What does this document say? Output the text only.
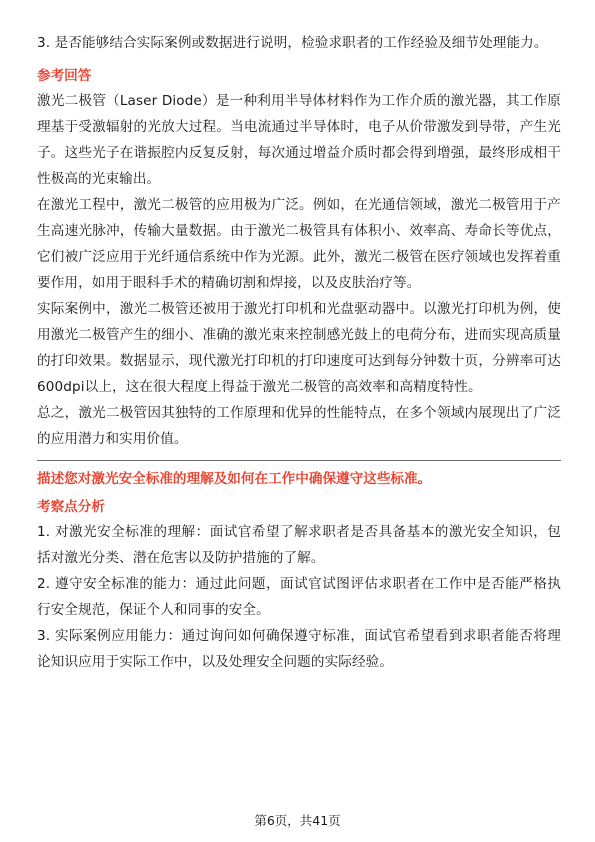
3. 是否能够结合实际案例或数据进行说明，检验求职者的工作经验及细节处理能力。

参考回答

激光二极管（Laser Diode）是一种利用半导体材料作为工作介质的激光器，其工作原理基于受激辐射的光放大过程。当电流通过半导体时，电子从价带激发到导带，产生光子。这些光子在谐振腔内反复反射，每次通过增益介质时都会得到增强，最终形成相干性极高的光束输出。

在激光工程中，激光二极管的应用极为广泛。例如，在光通信领域，激光二极管用于产生高速光脉冲，传输大量数据。由于激光二极管具有体积小、效率高、寿命长等优点，它们被广泛应用于光纤通信系统中作为光源。此外，激光二极管在医疗领域也发挥着重要作用，如用于眼科手术的精确切割和焊接，以及皮肤治疗等。

实际案例中，激光二极管还被用于激光打印机和光盘驱动器中。以激光打印机为例，使用激光二极管产生的细小、准确的激光束来控制感光鼓上的电荷分布，进而实现高质量的打印效果。数据显示，现代激光打印机的打印速度可达到每分钟数十页，分辨率可达600dpi以上，这在很大程度上得益于激光二极管的高效率和高精度特性。

总之，激光二极管因其独特的工作原理和优异的性能特点，在多个领域内展现出了广泛的应用潜力和实用价值。

描述您对激光安全标准的理解及如何在工作中确保遵守这些标准。

考察点分析

1. 对激光安全标准的理解：面试官希望了解求职者是否具备基本的激光安全知识，包括对激光分类、潜在危害以及防护措施的了解。

2. 遵守安全标准的能力：通过此问题，面试官试图评估求职者在工作中是否能严格执行安全规范，保证个人和同事的安全。

3. 实际案例应用能力：通过询问如何确保遵守标准，面试官希望看到求职者能否将理论知识应用于实际工作中，以及处理安全问题的实际经验。

第6页，共41页
